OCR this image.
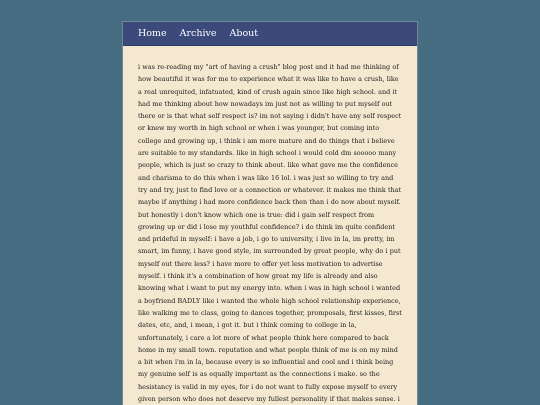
Home Archive About
i was re-reading my "art of having a crush" blog post and it had me thinking of how beautiful it was for me to experience what it was like to have a crush, like a real unrequited, infatuated, kind of crush again since like high school. and it had me thinking about how nowadays im just not as willing to put myself out there or is that what self respect is? im not saying i didn't have any self respect or knew my worth in high school or when i was younger, but coming into college and growing up, i think i am more mature and do things that i believe are suitable to my standards. like in high school i would cold dm sooooo many people, which is just so crazy to think about. like what gave me the confidence and charisma to do this when i was like 16 lol. i was just so willing to try and try and try, just to find love or a connection or whatever. it makes me think that maybe if anything i had more confidence back then than i do now about myself. but honestly i don't know which one is true: did i gain self respect from growing up or did i lose my youthful confidence? i do think im quite confident and prideful in myself: i have a job, i go to university, i live in la, im pretty, im smart, im funny, i have good style, im surrounded by great people, why do i put myself out there less? i have more to offer yet less motivation to advertise myself. i think it's a combination of how great my life is already and also knowing what i want to put my energy into. when i was in high school i wanted a boyfriend BADLY like i wanted the whole high school relationship experience, like walking me to class, going to dances together, promposals, first kisses, first dates, etc, and, i mean, i got it. but i think coming to college in la, unfortunately, i care a lot more of what people think here compared to back home in my small town. reputation and what people think of me is on my mind a bit when i'm in la, because every is so influential and cool and i think being my genuine self is as equally important as the connections i make. so the hesistancy is valid in my eyes, for i do not want to fully expose myself to every given person who does not deserve my fullest personality if that makes sense. i
